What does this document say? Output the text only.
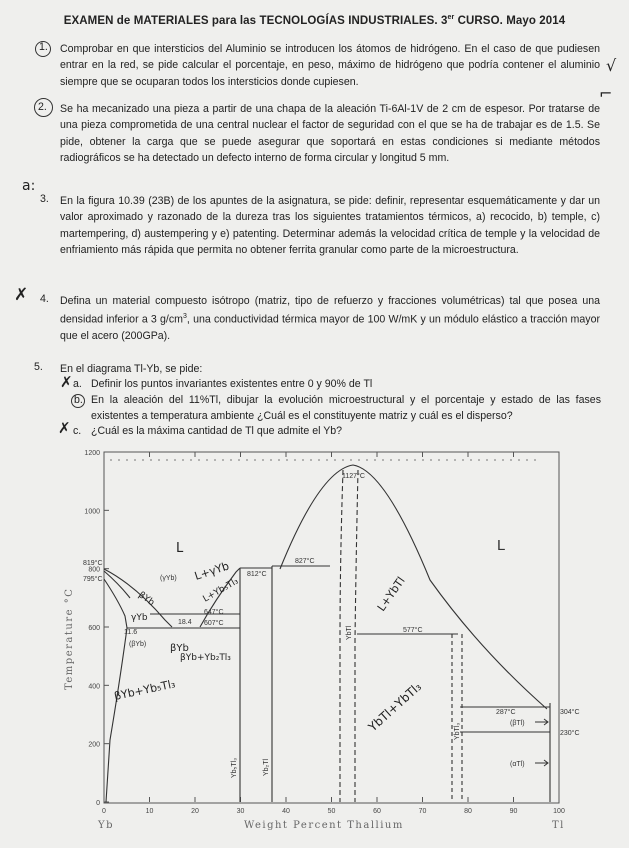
EXAMEN de MATERIALES para las TECNOLOGÍAS INDUSTRIALES. 3er CURSO. Mayo 2014
1. Comprobar en que intersticios del Aluminio se introducen los átomos de hidrógeno. En el caso de que pudiesen entrar en la red, se pide calcular el porcentaje, en peso, máximo de hidrógeno que podría contener el aluminio siempre que se ocuparan todos los intersticios donde cupiesen.

√
2. Se ha mecanizado una pieza a partir de una chapa de la aleación Ti-6Al-1V de 2 cm de espesor. Por tratarse de una pieza comprometida de una central nuclear el factor de seguridad con el que se ha de trabajar es de 1.5. Se pide, obtener la carga que se puede asegurar que soportará en estas condiciones si mediante métodos radiográficos se ha detectado un defecto interno de forma circular y longitud 5 mm.

⌐
a:
3. En la figura 10.39 (23B) de los apuntes de la asignatura, se pide: definir, representar esquemáticamente y dar un valor aproximado y razonado de la dureza tras los siguientes tratamientos térmicos, a) recocido, b) temple, c) martempering, d) austempering y e) patenting. Determinar además la velocidad crítica de temple y la velocidad de enfriamiento más rápida que permita no obtener ferrita granular como parte de la microestructura.

✗ 4. Defina un material compuesto isótropo (matriz, tipo de refuerzo y fracciones volumétricas) tal que posea una densidad inferior a 3 $g/cm^3$, una conductividad térmica mayor de 100 W/mK y un módulo elástico a tracción mayor que el acero (200GPa).

5. En el diagrama Tl-Yb, se pide:

✗ a. Definir los puntos invariantes existentes entre 0 y 90% de Tl
b. En la aleación del 11%Tl, dibujar la evolución microestructural y el porcentaje y estado de las fases existentes a temperatura ambiente ¿Cuál es el constituyente matriz y cuál es el disperso?
✗ c. ¿Cuál es la máxima cantidad de Tl que admite el Yb?
0	10	20	30	40	50	60	70	80	90	100
0
200
400
600
800
1000
1200
1127°C
827°C
812°C
819°C
795°C
647°C
607°C
577°C
287°C	304°C
230°C
18.4
11.6
L
(γYb)
(βYb)
Yb₅Tl₃	Yb₂Tl
YbTl
YbTl₃	(βTl)
(αTl)
L
L+γYb
L+Yb₅Tl₃
βYb
γYb
βYb
βYb+Yb₅Tl₃
βYb+Yb₂Tl₃
L+YbTl
YbTl+YbTl₃
Temperature °C
Weight Percent Thallium
Yb	Tl
